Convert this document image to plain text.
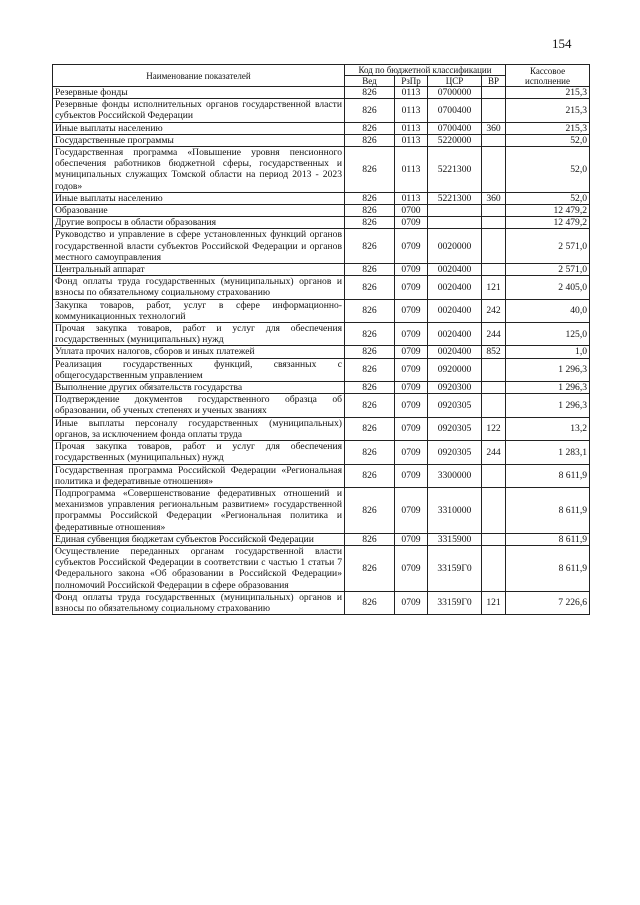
154
Наименование показателей	Код по бюджетной классификации				Кассовое исполнение
	Вед	РзПр	ЦСР	ВР	
Резервные фонды	826	0113	0700000		215,3
Резервные фонды исполнительных органов государственной власти субъектов Российской Федерации	826	0113	0700400		215,3
Иные выплаты населению	826	0113	0700400	360	215,3
Государственные программы	826	0113	5220000		52,0
Государственная программа «Повышение уровня пенсионного обеспечения работников бюджетной сферы, государственных и муниципальных служащих Томской области на период 2013 - 2023 годов»	826	0113	5221300		52,0
Иные выплаты населению	826	0113	5221300	360	52,0
Образование	826	0700			12 479,2
Другие вопросы в области образования	826	0709			12 479,2
Руководство и управление в сфере установленных функций органов государственной власти субъектов Российской Федерации и органов местного самоуправления	826	0709	0020000		2 571,0
Центральный аппарат	826	0709	0020400		2 571,0
Фонд оплаты труда государственных (муниципальных) органов и взносы по обязательному социальному страхованию	826	0709	0020400	121	2 405,0
Закупка товаров, работ, услуг в сфере информационно-коммуникационных технологий	826	0709	0020400	242	40,0
Прочая закупка товаров, работ и услуг для обеспечения государственных (муниципальных) нужд	826	0709	0020400	244	125,0
Уплата прочих налогов, сборов и иных платежей	826	0709	0020400	852	1,0
Реализация государственных функций, связанных с общегосударственным управлением	826	0709	0920000		1 296,3
Выполнение других обязательств государства	826	0709	0920300		1 296,3
Подтверждение документов государственного образца об образовании, об ученых степенях и ученых званиях	826	0709	0920305		1 296,3
Иные выплаты персоналу государственных (муниципальных) органов, за исключением фонда оплаты труда	826	0709	0920305	122	13,2
Прочая закупка товаров, работ и услуг для обеспечения государственных (муниципальных) нужд	826	0709	0920305	244	1 283,1
Государственная программа Российской Федерации «Региональная политика и федеративные отношения»	826	0709	3300000		8 611,9
Подпрограмма «Совершенствование федеративных отношений и механизмов управления региональным развитием» государственной программы Российской Федерации «Региональная политика и федеративные отношения»	826	0709	3310000		8 611,9
Единая субвенция бюджетам субъектов Российской Федерации	826	0709	3315900		8 611,9
Осуществление переданных органам государственной власти субъектов Российской Федерации в соответствии с частью 1 статьи 7 Федерального закона «Об образовании в Российской Федерации» полномочий Российской Федерации в сфере образования	826	0709	33159Г0		8 611,9
Фонд оплаты труда государственных (муниципальных) органов и взносы по обязательному социальному страхованию	826	0709	33159Г0	121	7 226,6
